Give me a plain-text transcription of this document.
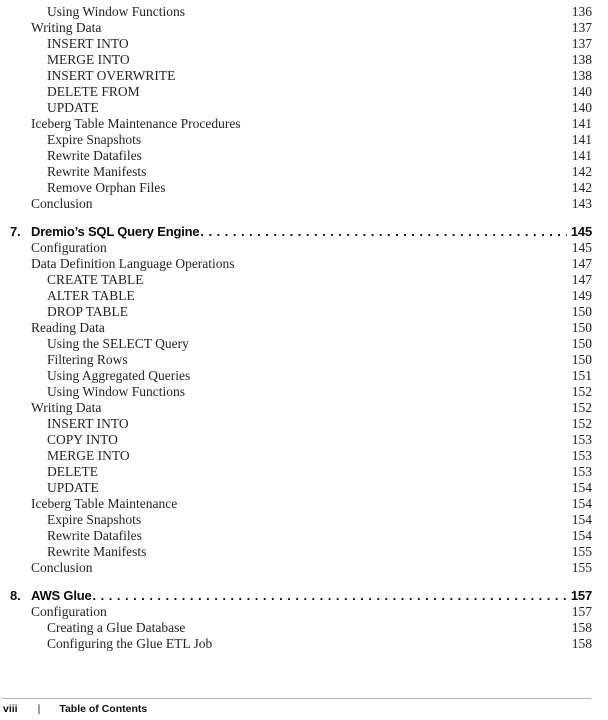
Using Window Functions	136
Writing Data	137
INSERT INTO	137
MERGE INTO	138
INSERT OVERWRITE	138
DELETE FROM	140
UPDATE	140
Iceberg Table Maintenance Procedures	141
Expire Snapshots	141
Rewrite Datafiles	141
Rewrite Manifests	142
Remove Orphan Files	142
Conclusion	143
7. Dremio’s SQL Query Engine .....	145
Configuration	145
Data Definition Language Operations	147
CREATE TABLE	147
ALTER TABLE	149
DROP TABLE	150
Reading Data	150
Using the SELECT Query	150
Filtering Rows	150
Using Aggregated Queries	151
Using Window Functions	152
Writing Data	152
INSERT INTO	152
COPY INTO	153
MERGE INTO	153
DELETE	153
UPDATE	154
Iceberg Table Maintenance	154
Expire Snapshots	154
Rewrite Datafiles	154
Rewrite Manifests	155
Conclusion	155
8. AWS Glue .....	157
Configuration	157
Creating a Glue Database	158
Configuring the Glue ETL Job	158
viii | Table of Contents
